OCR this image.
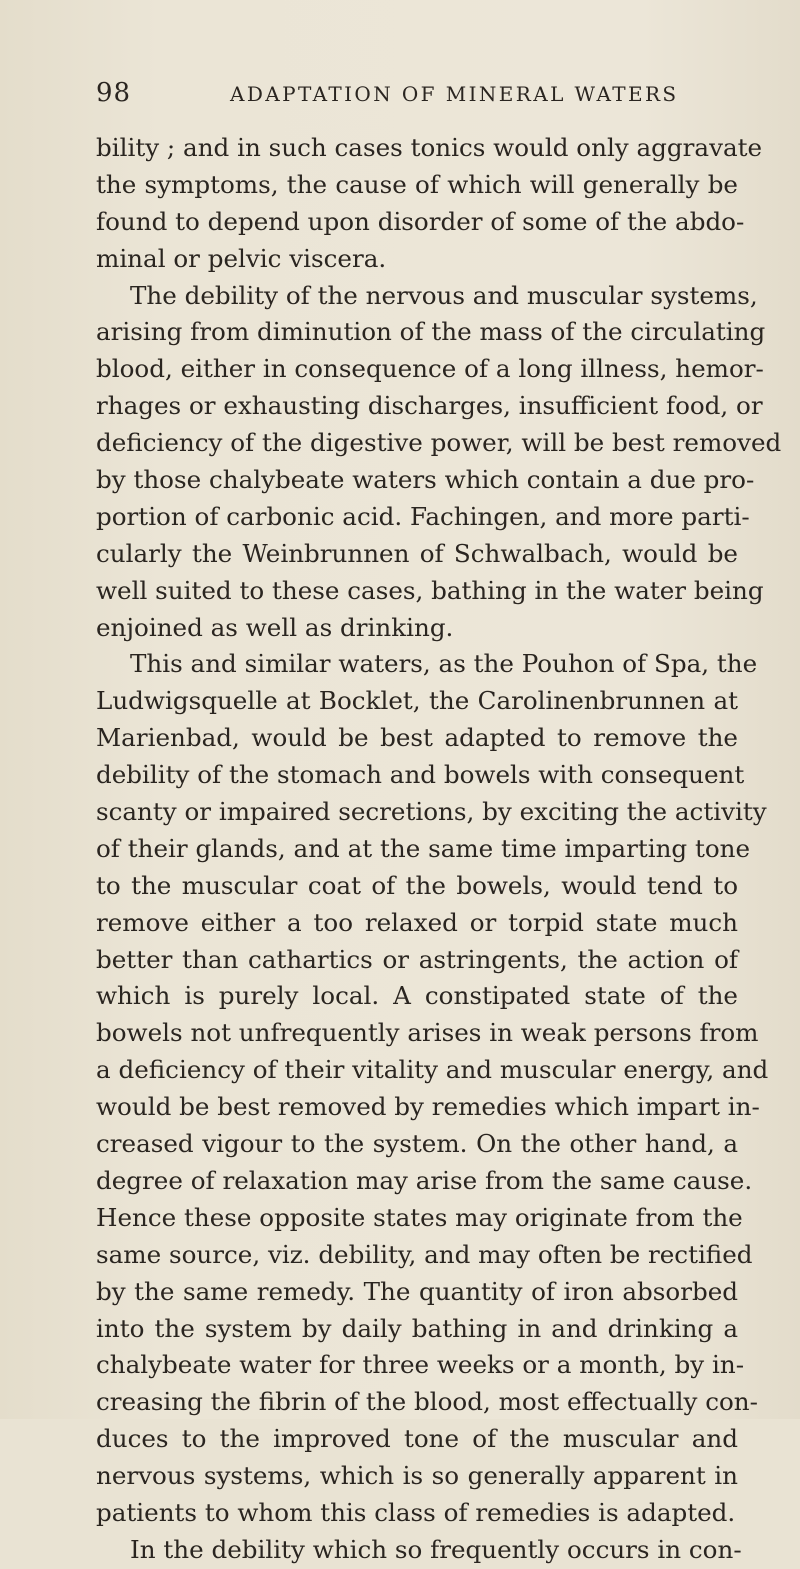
98	ADAPTATION OF MINERAL WATERS
bility ; and in such cases tonics would only aggravate
the symptoms, the cause of which will generally be
found to depend upon disorder of some of the abdo-
minal or pelvic viscera.
The debility of the nervous and muscular systems,
arising from diminution of the mass of the circulating
blood, either in consequence of a long illness, hemor-
rhages or exhausting discharges, insufficient food, or
deficiency of the digestive power, will be best removed
by those chalybeate waters which contain a due pro-
portion of carbonic acid. Fachingen, and more parti-
cularly the Weinbrunnen of Schwalbach, would be
well suited to these cases, bathing in the water being
enjoined as well as drinking.
This and similar waters, as the Pouhon of Spa, the
Ludwigsquelle at Bocklet, the Carolinenbrunnen at
Marienbad, would be best adapted to remove the
debility of the stomach and bowels with consequent
scanty or impaired secretions, by exciting the activity
of their glands, and at the same time imparting tone
to the muscular coat of the bowels, would tend to
remove either a too relaxed or torpid state much
better than cathartics or astringents, the action of
which is purely local. A constipated state of the
bowels not unfrequently arises in weak persons from
a deficiency of their vitality and muscular energy, and
would be best removed by remedies which impart in-
creased vigour to the system. On the other hand, a
degree of relaxation may arise from the same cause.
Hence these opposite states may originate from the
same source, viz. debility, and may often be rectified
by the same remedy. The quantity of iron absorbed
into the system by daily bathing in and drinking a
chalybeate water for three weeks or a month, by in-
creasing the fibrin of the blood, most effectually con-
duces to the improved tone of the muscular and
nervous systems, which is so generally apparent in
patients to whom this class of remedies is adapted.
In the debility which so frequently occurs in con-
